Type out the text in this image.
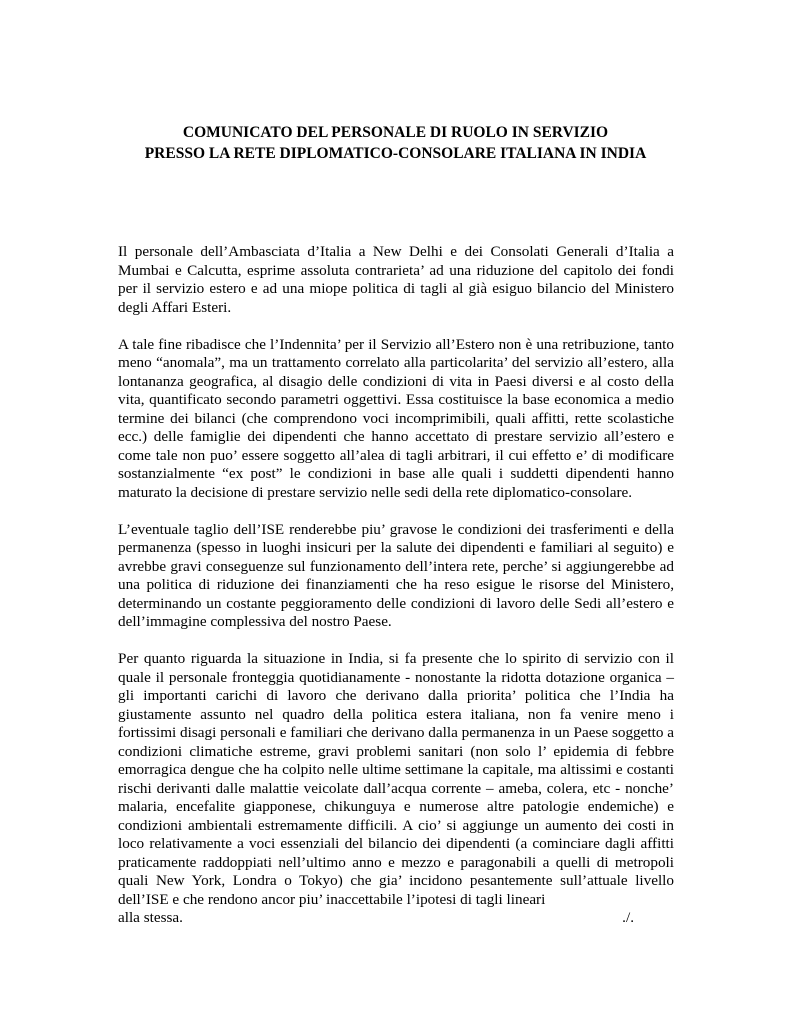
COMUNICATO DEL PERSONALE DI RUOLO IN SERVIZIO
PRESSO LA RETE DIPLOMATICO-CONSOLARE ITALIANA IN INDIA

Il personale dell’Ambasciata d’Italia a New Delhi e dei Consolati Generali d’Italia a Mumbai e Calcutta, esprime assoluta contrarieta’ ad una riduzione del capitolo dei fondi per il servizio estero e ad una miope politica di tagli al già esiguo bilancio del Ministero degli Affari Esteri.

A tale fine ribadisce che l’Indennita’ per il Servizio all’Estero non è una retribuzione, tanto meno “anomala”, ma un trattamento correlato alla particolarita’ del servizio all’estero, alla lontananza geografica, al disagio delle condizioni di vita in Paesi diversi e al costo della vita, quantificato secondo parametri oggettivi. Essa costituisce la base economica a medio termine dei bilanci (che comprendono voci incomprimibili, quali affitti, rette scolastiche ecc.) delle famiglie dei dipendenti che hanno accettato di prestare servizio all’estero e come tale non puo’ essere soggetto all’alea di tagli arbitrari, il cui effetto e’ di modificare sostanzialmente “ex post” le condizioni in base alle quali i suddetti dipendenti hanno maturato la decisione di prestare servizio nelle sedi della rete diplomatico-consolare.

L’eventuale taglio dell’ISE renderebbe piu’ gravose le condizioni dei trasferimenti e della permanenza (spesso in luoghi insicuri per la salute dei dipendenti e familiari al seguito) e avrebbe gravi conseguenze sul funzionamento dell’intera rete, perche’ si aggiungerebbe ad una politica di riduzione dei finanziamenti che ha reso esigue le risorse del Ministero, determinando un costante peggioramento delle condizioni di lavoro delle Sedi all’estero e dell’immagine complessiva del nostro Paese.

Per quanto riguarda la situazione in India, si fa presente che lo spirito di servizio con il quale il personale fronteggia quotidianamente - nonostante la ridotta dotazione organica – gli importanti carichi di lavoro che derivano dalla priorita’ politica che l’India ha giustamente assunto nel quadro della politica estera italiana, non fa venire meno i fortissimi disagi personali e familiari che derivano dalla permanenza in un Paese soggetto a condizioni climatiche estreme, gravi problemi sanitari (non solo l’ epidemia di febbre emorragica dengue che ha colpito nelle ultime settimane la capitale, ma altissimi e costanti rischi derivanti dalle malattie veicolate dall’acqua corrente – ameba, colera, etc - nonche’ malaria, encefalite giapponese, chikunguya e numerose altre patologie endemiche) e condizioni ambientali estremamente difficili. A cio’ si aggiunge un aumento dei costi in loco relativamente a voci essenziali del bilancio dei dipendenti (a cominciare dagli affitti praticamente raddoppiati nell’ultimo anno e mezzo e paragonabili a quelli di metropoli quali New York, Londra o Tokyo) che gia’ incidono pesantemente sull’attuale livello dell’ISE e che rendono ancor piu’ inaccettabile l’ipotesi di tagli lineari

alla stessa.	./.
